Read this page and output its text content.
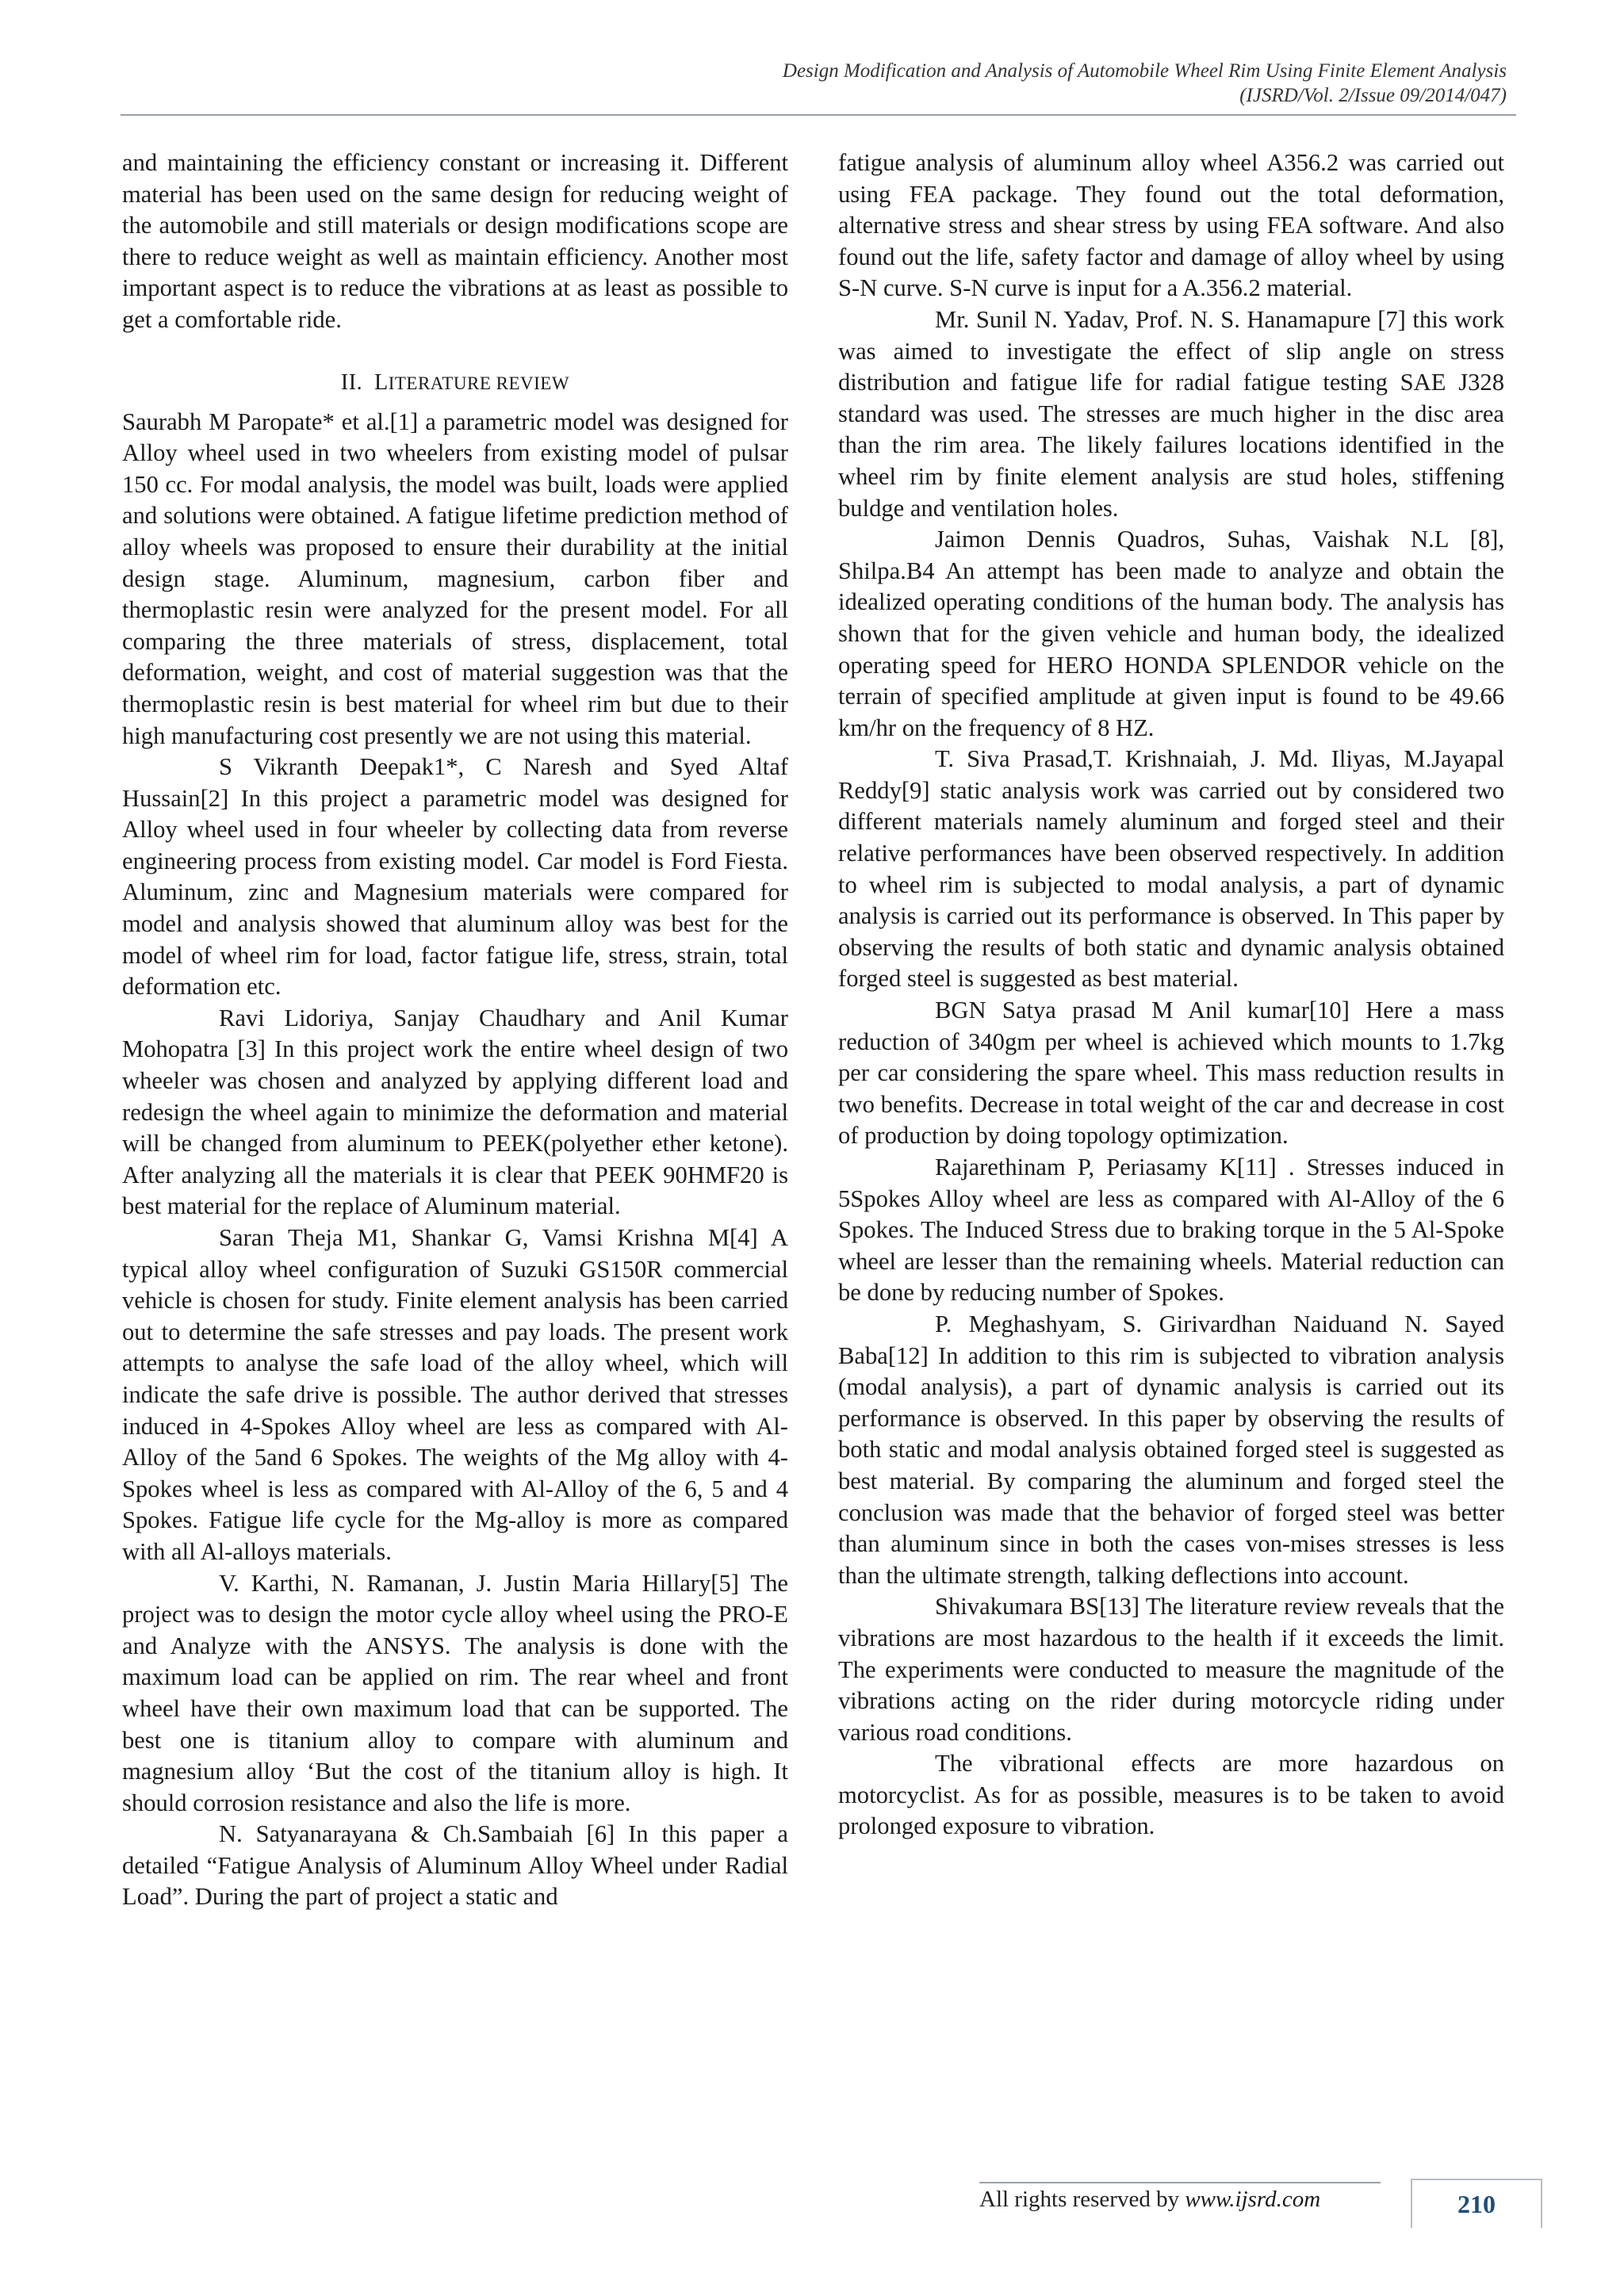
Design Modification and Analysis of Automobile Wheel Rim Using Finite Element Analysis
(IJSRD/Vol. 2/Issue 09/2014/047)

and maintaining the efficiency constant or increasing it. Different material has been used on the same design for reducing weight of the automobile and still materials or design modifications scope are there to reduce weight as well as maintain efficiency. Another most important aspect is to reduce the vibrations at as least as possible to get a comfortable ride.

II. LITERATURE REVIEW

Saurabh M Paropate* et al.[1] a parametric model was designed for Alloy wheel used in two wheelers from existing model of pulsar 150 cc. For modal analysis, the model was built, loads were applied and solutions were obtained. A fatigue lifetime prediction method of alloy wheels was proposed to ensure their durability at the initial design stage. Aluminum, magnesium, carbon fiber and thermoplastic resin were analyzed for the present model. For all comparing the three materials of stress, displacement, total deformation, weight, and cost of material suggestion was that the thermoplastic resin is best material for wheel rim but due to their high manufacturing cost presently we are not using this material.

S Vikranth Deepak1*, C Naresh and Syed Altaf Hussain[2] In this project a parametric model was designed for Alloy wheel used in four wheeler by collecting data from reverse engineering process from existing model. Car model is Ford Fiesta. Aluminum, zinc and Magnesium materials were compared for model and analysis showed that aluminum alloy was best for the model of wheel rim for load, factor fatigue life, stress, strain, total deformation etc.

Ravi Lidoriya, Sanjay Chaudhary and Anil Kumar Mohopatra [3] In this project work the entire wheel design of two wheeler was chosen and analyzed by applying different load and redesign the wheel again to minimize the deformation and material will be changed from aluminum to PEEK(polyether ether ketone). After analyzing all the materials it is clear that PEEK 90HMF20 is best material for the replace of Aluminum material.

Saran Theja M1, Shankar G, Vamsi Krishna M[4] A typical alloy wheel configuration of Suzuki GS150R commercial vehicle is chosen for study. Finite element analysis has been carried out to determine the safe stresses and pay loads. The present work attempts to analyse the safe load of the alloy wheel, which will indicate the safe drive is possible. The author derived that stresses induced in 4-Spokes Alloy wheel are less as compared with Al-Alloy of the 5and 6 Spokes. The weights of the Mg alloy with 4-Spokes wheel is less as compared with Al-Alloy of the 6, 5 and 4 Spokes. Fatigue life cycle for the Mg-alloy is more as compared with all Al-alloys materials.

V. Karthi, N. Ramanan, J. Justin Maria Hillary[5] The project was to design the motor cycle alloy wheel using the PRO-E and Analyze with the ANSYS. The analysis is done with the maximum load can be applied on rim. The rear wheel and front wheel have their own maximum load that can be supported. The best one is titanium alloy to compare with aluminum and magnesium alloy ‘But the cost of the titanium alloy is high. It should corrosion resistance and also the life is more.

N. Satyanarayana & Ch.Sambaiah [6] In this paper a detailed “Fatigue Analysis of Aluminum Alloy Wheel under Radial Load”. During the part of project a static and

fatigue analysis of aluminum alloy wheel A356.2 was carried out using FEA package. They found out the total deformation, alternative stress and shear stress by using FEA software. And also found out the life, safety factor and damage of alloy wheel by using S-N curve. S-N curve is input for a A.356.2 material.

Mr. Sunil N. Yadav, Prof. N. S. Hanamapure [7] this work was aimed to investigate the effect of slip angle on stress distribution and fatigue life for radial fatigue testing SAE J328 standard was used. The stresses are much higher in the disc area than the rim area. The likely failures locations identified in the wheel rim by finite element analysis are stud holes, stiffening buldge and ventilation holes.

Jaimon Dennis Quadros, Suhas, Vaishak N.L [8], Shilpa.B4 An attempt has been made to analyze and obtain the idealized operating conditions of the human body. The analysis has shown that for the given vehicle and human body, the idealized operating speed for HERO HONDA SPLENDOR vehicle on the terrain of specified amplitude at given input is found to be 49.66 km/hr on the frequency of 8 HZ.

T. Siva Prasad,T. Krishnaiah, J. Md. Iliyas, M.Jayapal Reddy[9] static analysis work was carried out by considered two different materials namely aluminum and forged steel and their relative performances have been observed respectively. In addition to wheel rim is subjected to modal analysis, a part of dynamic analysis is carried out its performance is observed. In This paper by observing the results of both static and dynamic analysis obtained forged steel is suggested as best material.

BGN Satya prasad M Anil kumar[10] Here a mass reduction of 340gm per wheel is achieved which mounts to 1.7kg per car considering the spare wheel. This mass reduction results in two benefits. Decrease in total weight of the car and decrease in cost of production by doing topology optimization.

Rajarethinam P, Periasamy K[11] . Stresses induced in 5Spokes Alloy wheel are less as compared with Al-Alloy of the 6 Spokes. The Induced Stress due to braking torque in the 5 Al-Spoke wheel are lesser than the remaining wheels. Material reduction can be done by reducing number of Spokes.

P. Meghashyam, S. Girivardhan Naiduand N. Sayed Baba[12] In addition to this rim is subjected to vibration analysis (modal analysis), a part of dynamic analysis is carried out its performance is observed. In this paper by observing the results of both static and modal analysis obtained forged steel is suggested as best material. By comparing the aluminum and forged steel the conclusion was made that the behavior of forged steel was better than aluminum since in both the cases von-mises stresses is less than the ultimate strength, talking deflections into account.

Shivakumara BS[13] The literature review reveals that the vibrations are most hazardous to the health if it exceeds the limit. The experiments were conducted to measure the magnitude of the vibrations acting on the rider during motorcycle riding under various road conditions.

The vibrational effects are more hazardous on motorcyclist. As for as possible, measures is to be taken to avoid prolonged exposure to vibration.

All rights reserved by www.ijsrd.com	210
